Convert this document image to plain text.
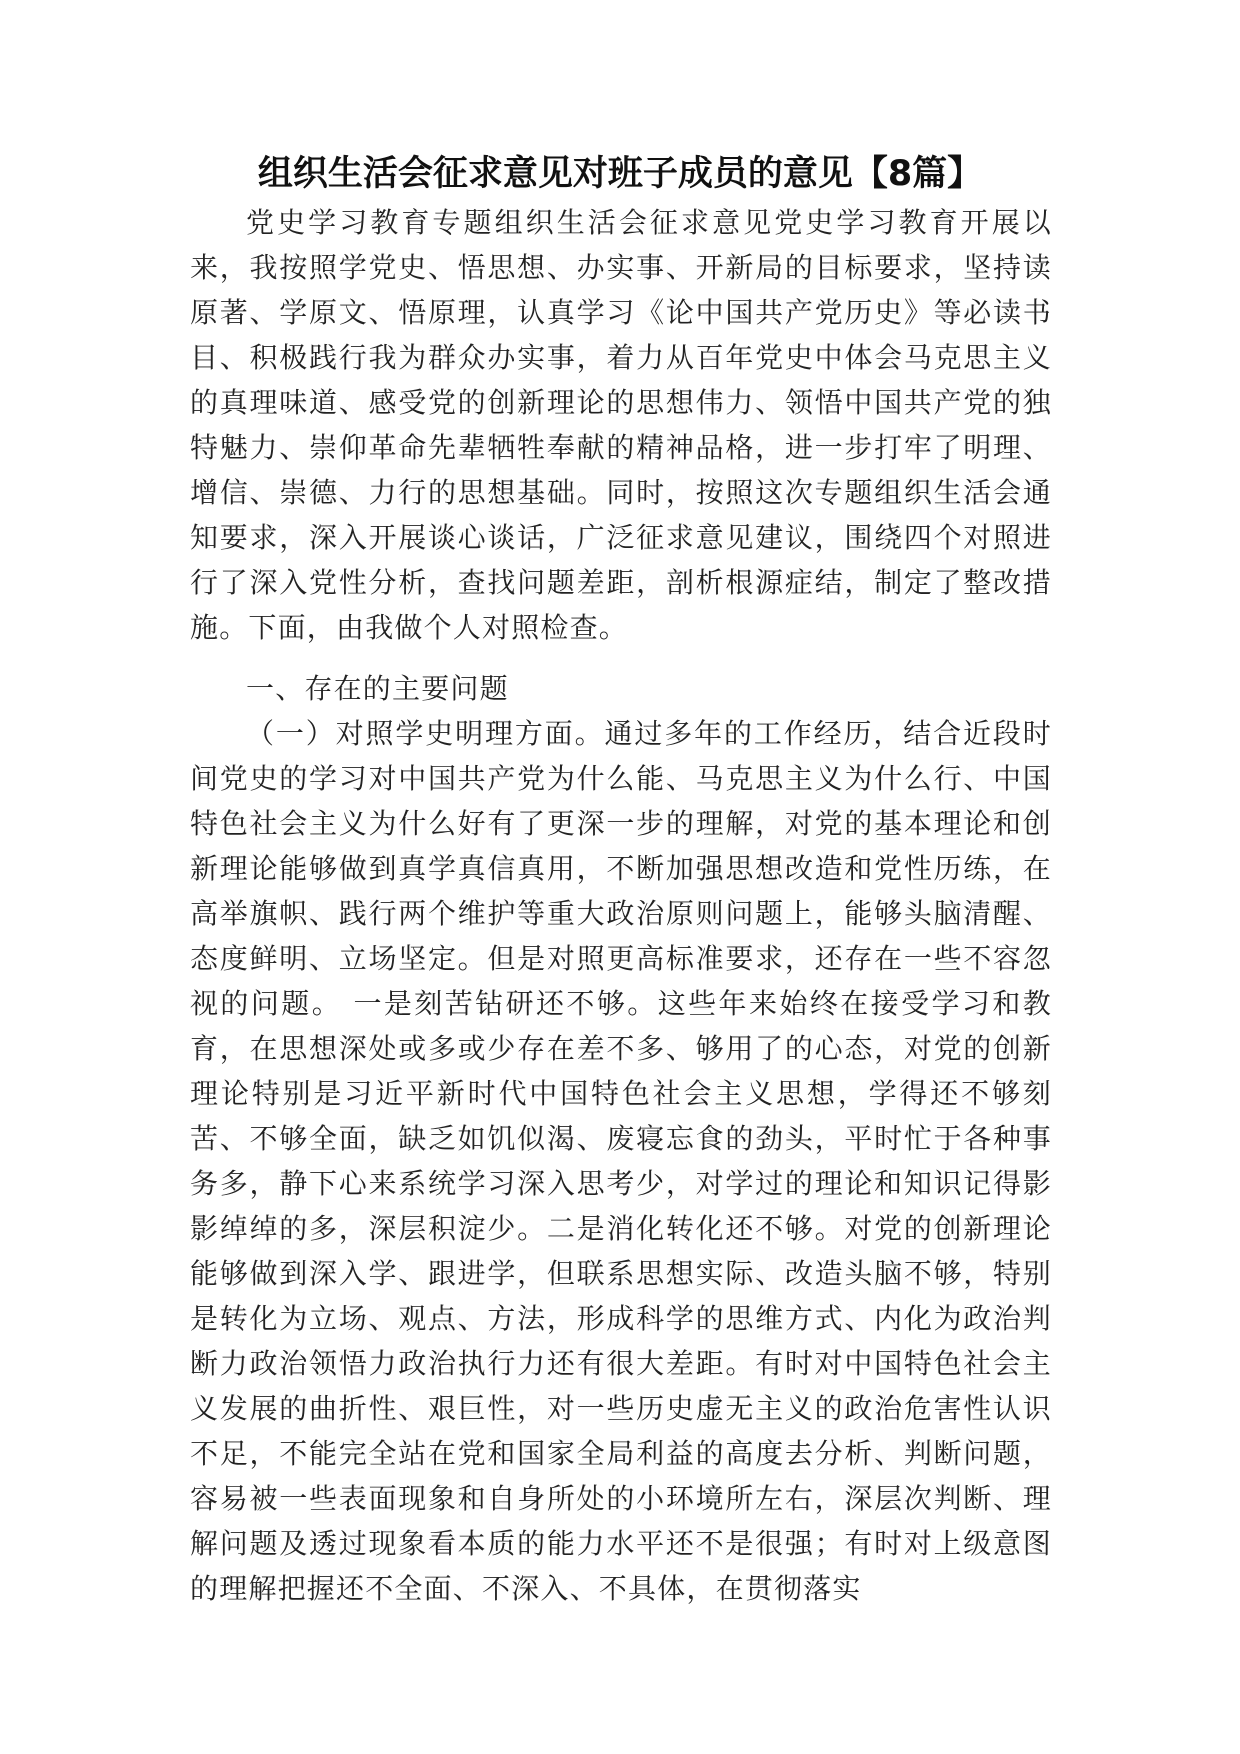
组织生活会征求意见对班子成员的意见【8篇】

党史学习教育专题组织生活会征求意见党史学习教育开展以来，我按照学党史、悟思想、办实事、开新局的目标要求，坚持读原著、学原文、悟原理，认真学习《论中国共产党历史》等必读书目、积极践行我为群众办实事，着力从百年党史中体会马克思主义的真理味道、感受党的创新理论的思想伟力、领悟中国共产党的独特魅力、崇仰革命先辈牺牲奉献的精神品格，进一步打牢了明理、增信、崇德、力行的思想基础。同时，按照这次专题组织生活会通知要求，深入开展谈心谈话，广泛征求意见建议，围绕四个对照进行了深入党性分析，查找问题差距，剖析根源症结，制定了整改措施。下面，由我做个人对照检查。

一、存在的主要问题

（一）对照学史明理方面。通过多年的工作经历，结合近段时间党史的学习对中国共产党为什么能、马克思主义为什么行、中国特色社会主义为什么好有了更深一步的理解，对党的基本理论和创新理论能够做到真学真信真用，不断加强思想改造和党性历练，在高举旗帜、践行两个维护等重大政治原则问题上，能够头脑清醒、态度鲜明、立场坚定。但是对照更高标准要求，还存在一些不容忽视的问题。 一是刻苦钻研还不够。这些年来始终在接受学习和教育，在思想深处或多或少存在差不多、够用了的心态，对党的创新理论特别是习近平新时代中国特色社会主义思想，学得还不够刻苦、不够全面，缺乏如饥似渴、废寝忘食的劲头，平时忙于各种事务多，静下心来系统学习深入思考少，对学过的理论和知识记得影影绰绰的多，深层积淀少。二是消化转化还不够。对党的创新理论能够做到深入学、跟进学，但联系思想实际、改造头脑不够，特别是转化为立场、观点、方法，形成科学的思维方式、内化为政治判断力政治领悟力政治执行力还有很大差距。有时对中国特色社会主义发展的曲折性、艰巨性，对一些历史虚无主义的政治危害性认识不足，不能完全站在党和国家全局利益的高度去分析、判断问题，容易被一些表面现象和自身所处的小环境所左右，深层次判断、理解问题及透过现象看本质的能力水平还不是很强；有时对上级意图的理解把握还不全面、不深入、不具体，在贯彻落实
